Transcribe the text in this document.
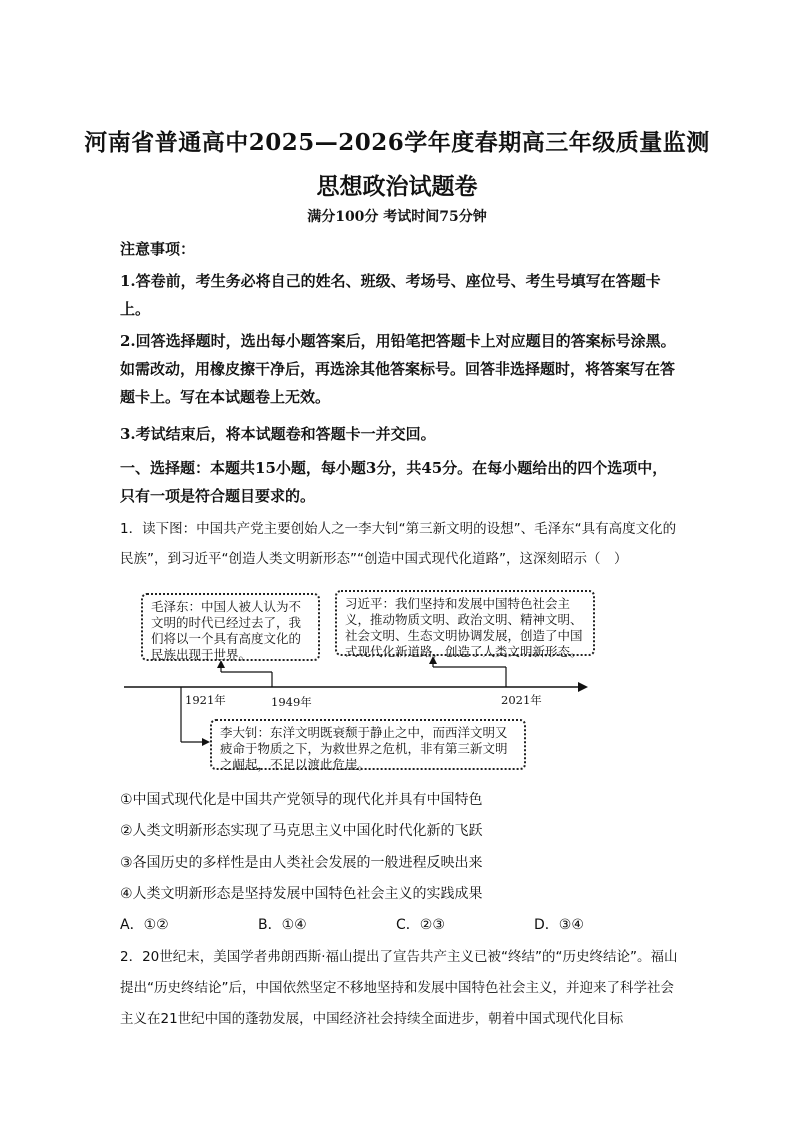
河南省普通高中2025—2026学年度春期高三年级质量监测
思想政治试题卷
满分100分 考试时间75分钟
注意事项：
1.答卷前，考生务必将自己的姓名、班级、考场号、座位号、考生号填写在答题卡上。
2.回答选择题时，选出每小题答案后，用铅笔把答题卡上对应题目的答案标号涂黑。如需改动，用橡皮擦干净后，再选涂其他答案标号。回答非选择题时，将答案写在答题卡上。写在本试题卷上无效。
3.考试结束后，将本试题卷和答题卡一并交回。
一、选择题：本题共15小题，每小题3分，共45分。在每小题给出的四个选项中，只有一项是符合题目要求的。
1．读下图：中国共产党主要创始人之一李大钊“第三新文明的设想”、毛泽东“具有高度文化的民族”，到习近平“创造人类文明新形态”“创造中国式现代化道路”，这深刻昭示（　）
毛泽东：中国人被人认为不文明的时代已经过去了，我们将以一个具有高度文化的民族出现于世界。
习近平：我们坚持和发展中国特色社会主义，推动物质文明、政治文明、精神文明、社会文明、生态文明协调发展，创造了中国式现代化新道路，创造了人类文明新形态。
李大钊：东洋文明既衰颓于静止之中，而西洋文明又疲命于物质之下，为救世界之危机，非有第三新文明之崛起，不足以渡此危崖。
1921年	1949年	2021年
①中国式现代化是中国共产党领导的现代化并具有中国特色
②人类文明新形态实现了马克思主义中国化时代化新的飞跃
③各国历史的多样性是由人类社会发展的一般进程反映出来
④人类文明新形态是坚持发展中国特色社会主义的实践成果
A．①②	B．①④	C．②③	D．③④
2．20世纪末，美国学者弗朗西斯·福山提出了宣告共产主义已被“终结”的“历史终结论”。福山提出“历史终结论”后，中国依然坚定不移地坚持和发展中国特色社会主义，并迎来了科学社会主义在21世纪中国的蓬勃发展，中国经济社会持续全面进步，朝着中国式现代化目标
